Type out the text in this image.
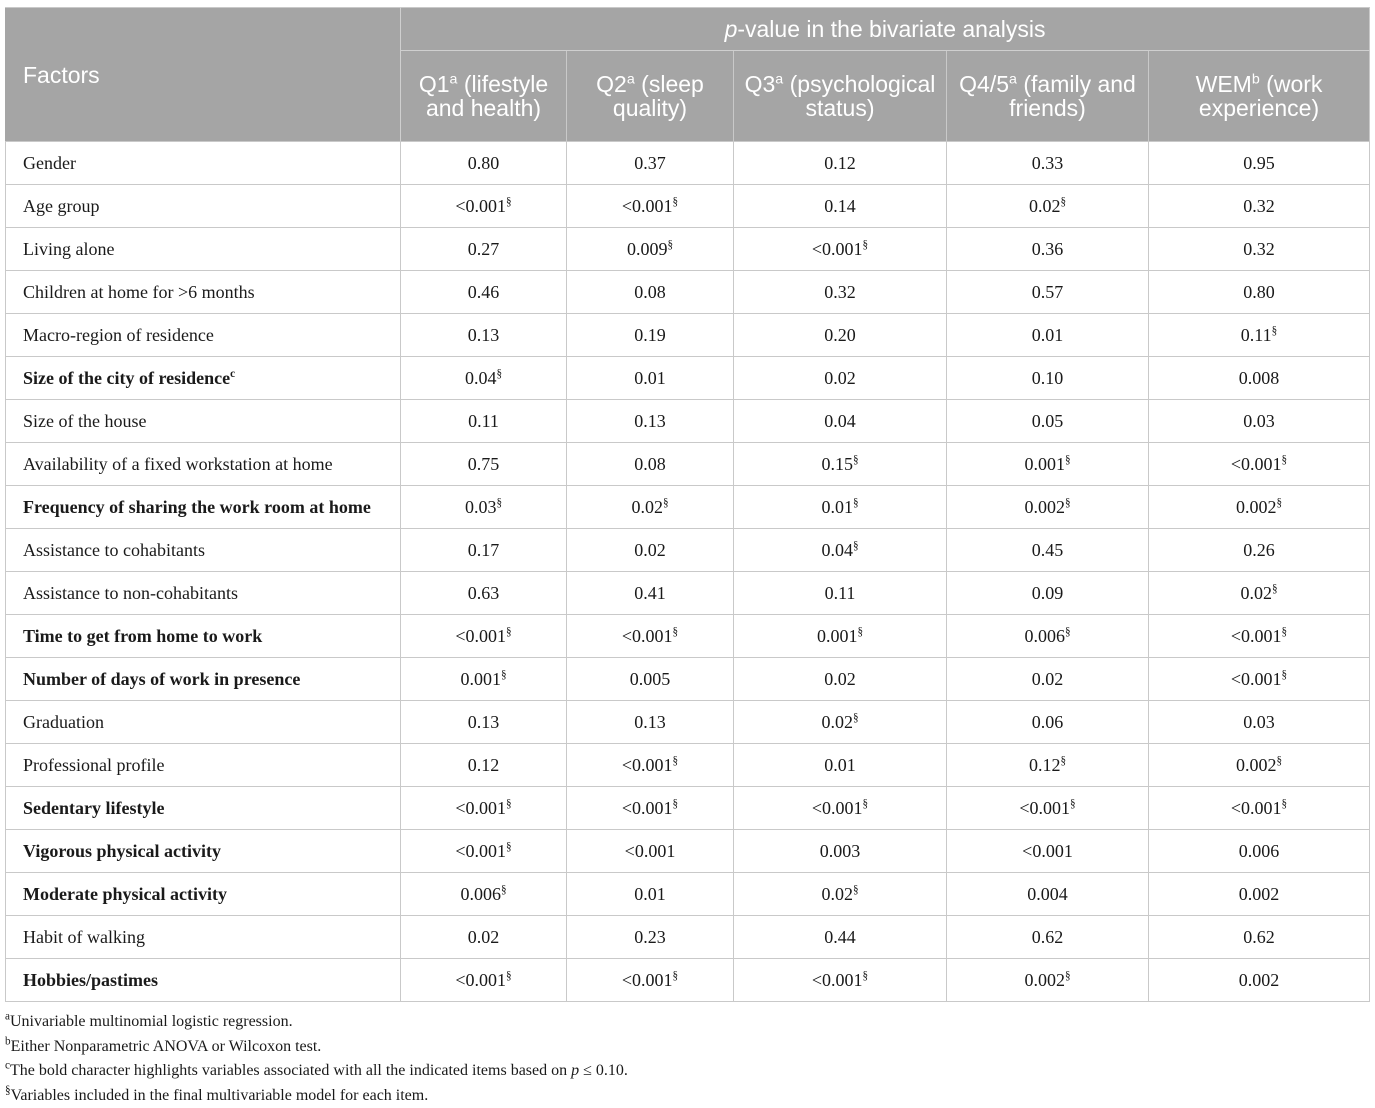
Factors	p-value in the bivariate analysis				
	Q1$^a$ (lifestyle and health)	Q2$^a$ (sleep quality)	Q3$^a$ (psychological status)	Q4/5$^a$ (family and friends)	WEM$^b$ (work experience)
Gender	0.80	0.37	0.12	0.33	0.95
Age group	<0.001§	<0.001§	0.14	0.02§	0.32
Living alone	0.27	0.009§	<0.001§	0.36	0.32
Children at home for >6 months	0.46	0.08	0.32	0.57	0.80
Macro-region of residence	0.13	0.19	0.20	0.01	0.11§
Size of the city of residence$^c$	0.04§	0.01	0.02	0.10	0.008
Size of the house	0.11	0.13	0.04	0.05	0.03
Availability of a fixed workstation at home	0.75	0.08	0.15§	0.001§	<0.001§
Frequency of sharing the work room at home	0.03§	0.02§	0.01§	0.002§	0.002§
Assistance to cohabitants	0.17	0.02	0.04§	0.45	0.26
Assistance to non-cohabitants	0.63	0.41	0.11	0.09	0.02§
Time to get from home to work	<0.001§	<0.001§	0.001§	0.006§	<0.001§
Number of days of work in presence	0.001§	0.005	0.02	0.02	<0.001§
Graduation	0.13	0.13	0.02§	0.06	0.03
Professional profile	0.12	<0.001§	0.01	0.12§	0.002§
Sedentary lifestyle	<0.001§	<0.001§	<0.001§	<0.001§	<0.001§
Vigorous physical activity	<0.001§	<0.001	0.003	<0.001	0.006
Moderate physical activity	0.006§	0.01	0.02§	0.004	0.002
Habit of walking	0.02	0.23	0.44	0.62	0.62
Hobbies/pastimes	<0.001§	<0.001§	<0.001§	0.002§	0.002
$^a$Univariable multinomial logistic regression.
$^b$Either Nonparametric ANOVA or Wilcoxon test.
$^c$The bold character highlights variables associated with all the indicated items based on p ≤ 0.10.
§Variables included in the final multivariable model for each item.
